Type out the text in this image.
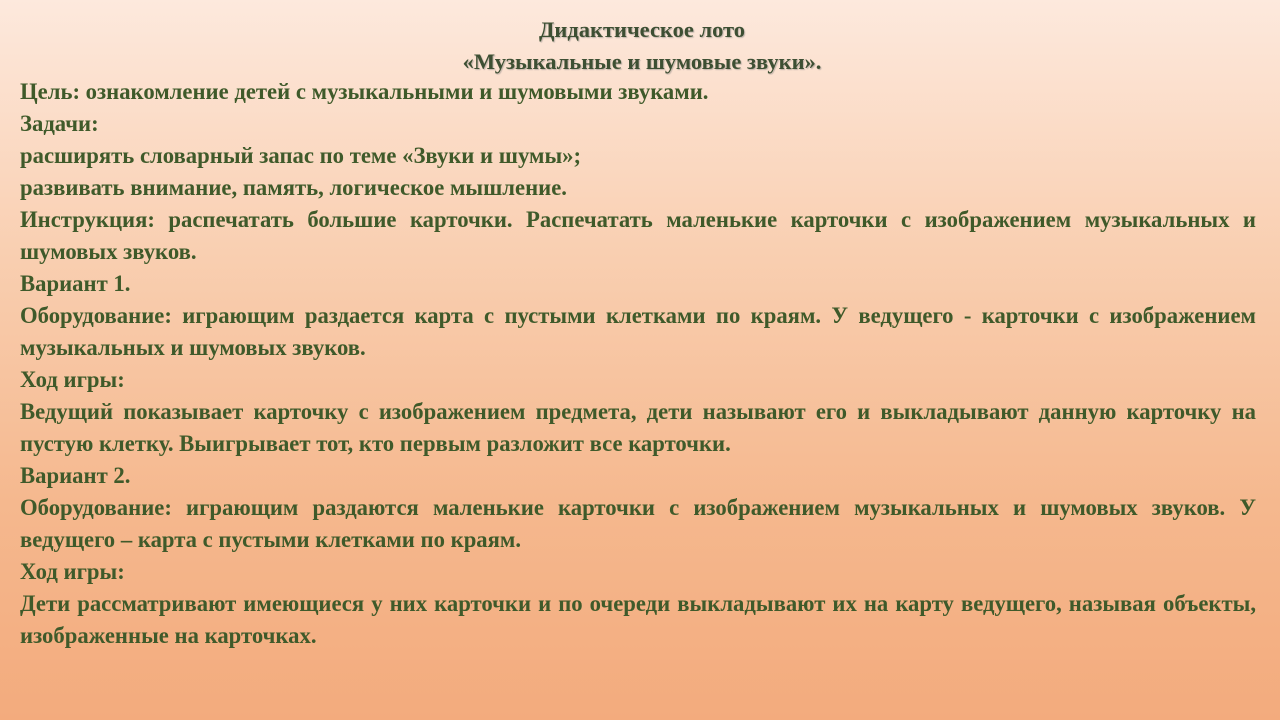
Дидактическое лото
«Музыкальные и шумовые звуки».

Цель: ознакомление детей с музыкальными и шумовыми звуками.

Задачи:

расширять словарный запас по теме «Звуки и шумы»;

развивать внимание, память, логическое мышление.

Инструкция: распечатать большие карточки. Распечатать маленькие карточки с изображением музыкальных и шумовых звуков.

Вариант 1.

Оборудование: играющим раздается карта с пустыми клетками по краям. У ведущего - карточки с изображением музыкальных и шумовых звуков.

Ход игры:

Ведущий показывает карточку с изображением предмета, дети называют его и выкладывают данную карточку на пустую клетку. Выигрывает тот, кто первым разложит все карточки.

Вариант 2.

Оборудование: играющим раздаются маленькие карточки с изображением музыкальных и шумовых звуков. У ведущего – карта с пустыми клетками по краям.

Ход игры:

Дети рассматривают имеющиеся у них карточки и по очереди выкладывают их на карту ведущего, называя объекты, изображенные на карточках.
